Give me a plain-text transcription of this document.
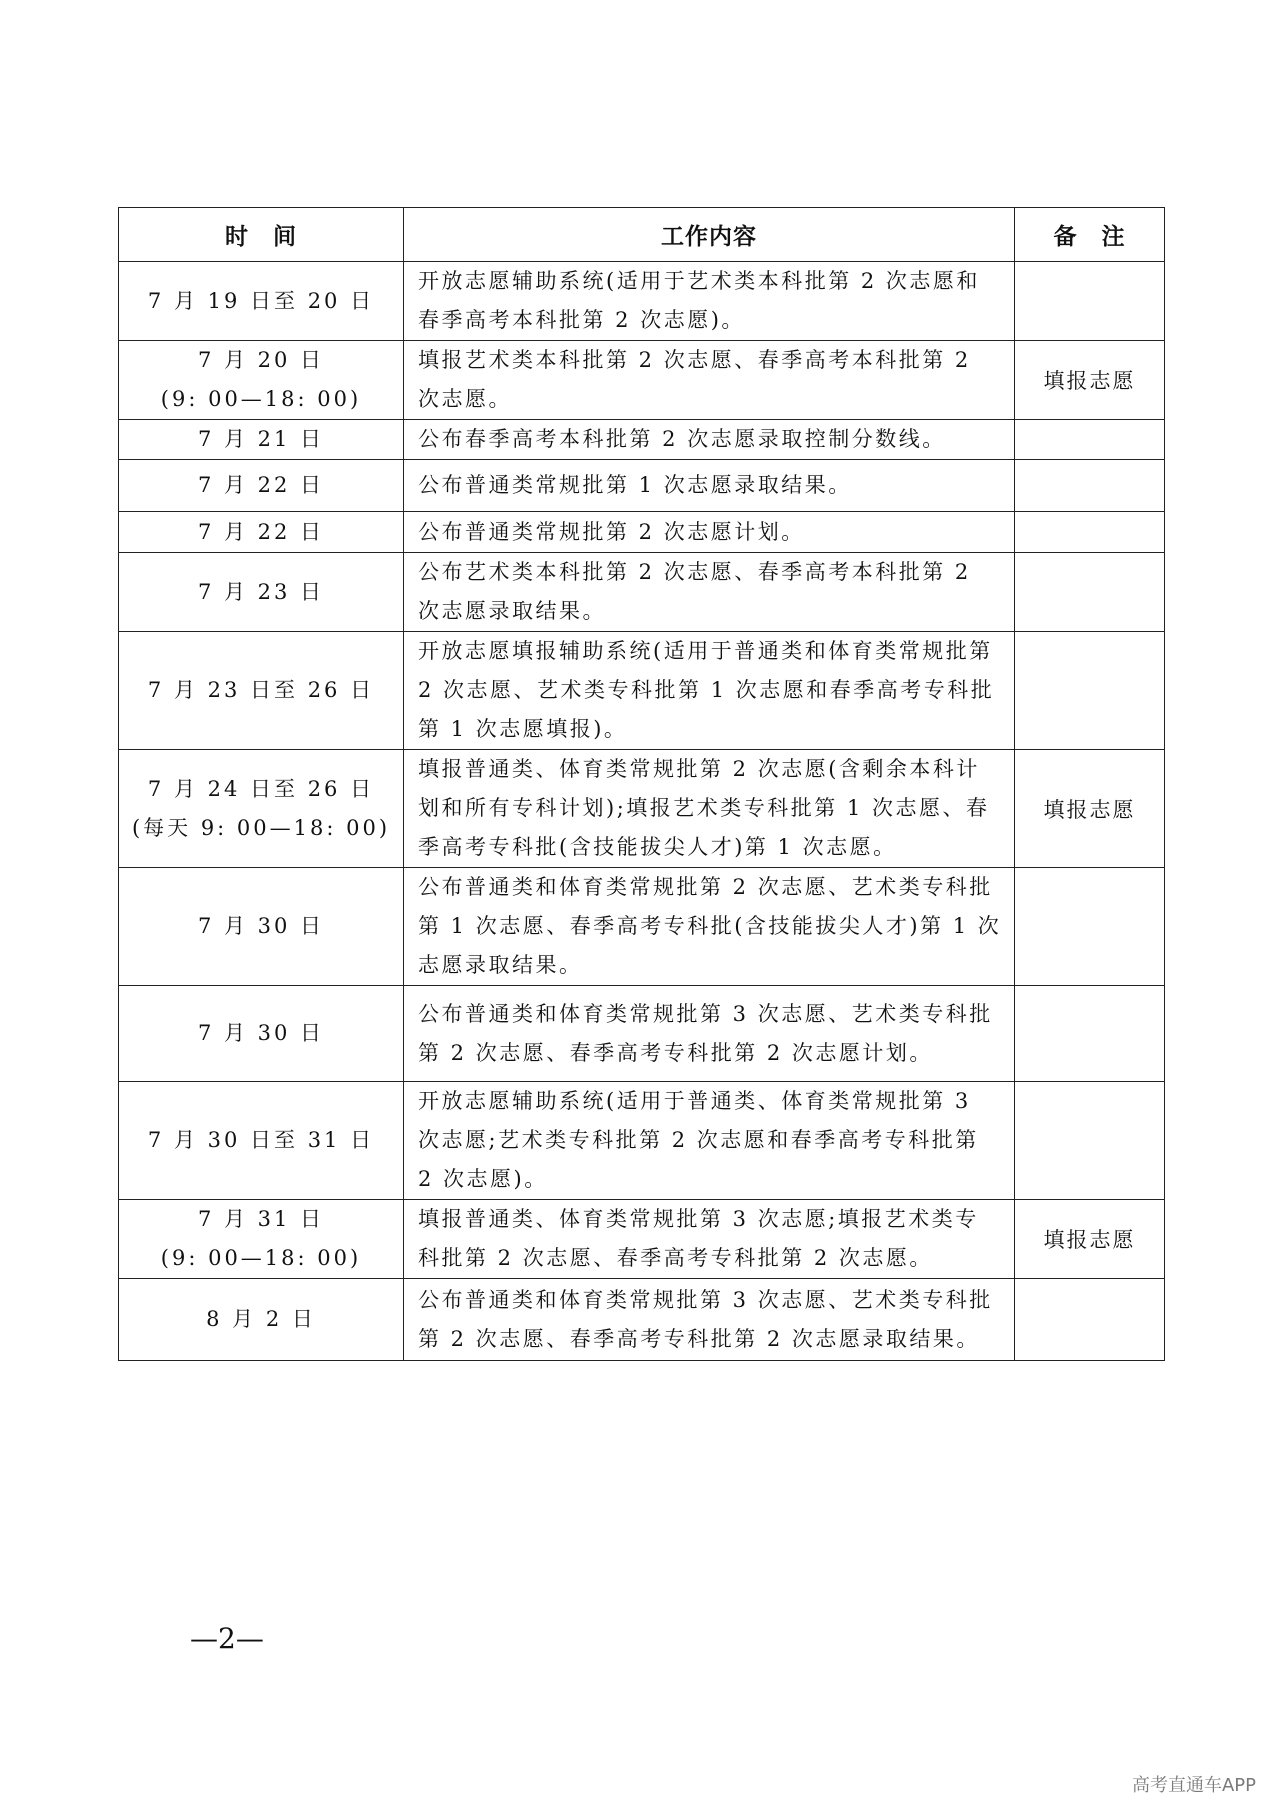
时　间	工作内容	备　注

7 月 19 日至 20 日	开放志愿辅助系统(适用于艺术类本科批第 2 次志愿和春季高考本科批第 2 次志愿)。	

7 月 20 日
(9: 00—18: 00)	填报艺术类本科批第 2 次志愿、春季高考本科批第 2 次志愿。	填报志愿

7 月 21 日	公布春季高考本科批第 2 次志愿录取控制分数线。	

7 月 22 日	公布普通类常规批第 1 次志愿录取结果。	

7 月 22 日	公布普通类常规批第 2 次志愿计划。	

7 月 23 日	公布艺术类本科批第 2 次志愿、春季高考本科批第 2 次志愿录取结果。	

7 月 23 日至 26 日	开放志愿填报辅助系统(适用于普通类和体育类常规批第 2 次志愿、艺术类专科批第 1 次志愿和春季高考专科批第 1 次志愿填报)。	

7 月 24 日至 26 日
(每天 9: 00—18: 00)	填报普通类、体育类常规批第 2 次志愿(含剩余本科计划和所有专科计划);填报艺术类专科批第 1 次志愿、春季高考专科批(含技能拔尖人才)第 1 次志愿。	填报志愿

7 月 30 日	公布普通类和体育类常规批第 2 次志愿、艺术类专科批第 1 次志愿、春季高考专科批(含技能拔尖人才)第 1 次志愿录取结果。	

7 月 30 日	公布普通类和体育类常规批第 3 次志愿、艺术类专科批第 2 次志愿、春季高考专科批第 2 次志愿计划。	

7 月 30 日至 31 日	开放志愿辅助系统(适用于普通类、体育类常规批第 3 次志愿;艺术类专科批第 2 次志愿和春季高考专科批第 2 次志愿)。	

7 月 31 日
(9: 00—18: 00)	填报普通类、体育类常规批第 3 次志愿;填报艺术类专科批第 2 次志愿、春季高考专科批第 2 次志愿。	填报志愿

8 月 2 日	公布普通类和体育类常规批第 3 次志愿、艺术类专科批第 2 次志愿、春季高考专科批第 2 次志愿录取结果。	
—2—
高考直通车APP
